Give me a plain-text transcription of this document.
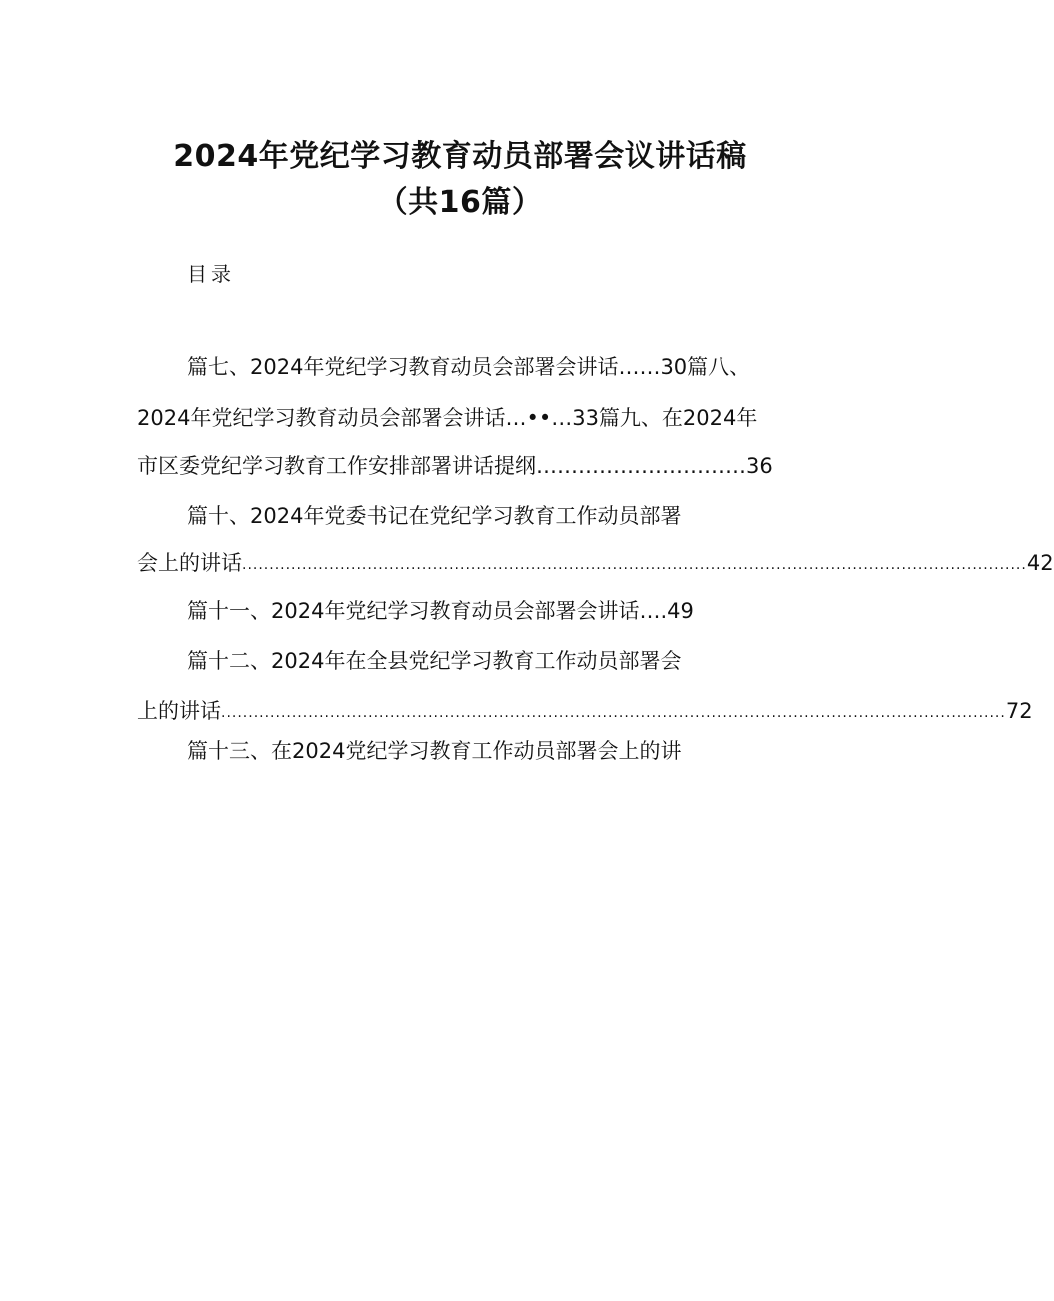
2024年党纪学习教育动员部署会议讲话稿
（共16篇）
目录
篇七、2024年党纪学习教育动员会部署会讲话……30篇八、
2024年党纪学习教育动员会部署会讲话…••…33篇九、在2024年
市区委党纪学习教育工作安排部署讲话提纲…………………………36
篇十、2024年党委书记在党纪学习教育工作动员部署
会上的讲话 ................................................................................................................................................ 42
篇十一、2024年党纪学习教育动员会部署会讲话….49
篇十二、2024年在全县党纪学习教育工作动员部署会
上的讲话 ................................................................................................................................................ 72
篇十三、在2024党纪学习教育工作动员部署会上的讲
